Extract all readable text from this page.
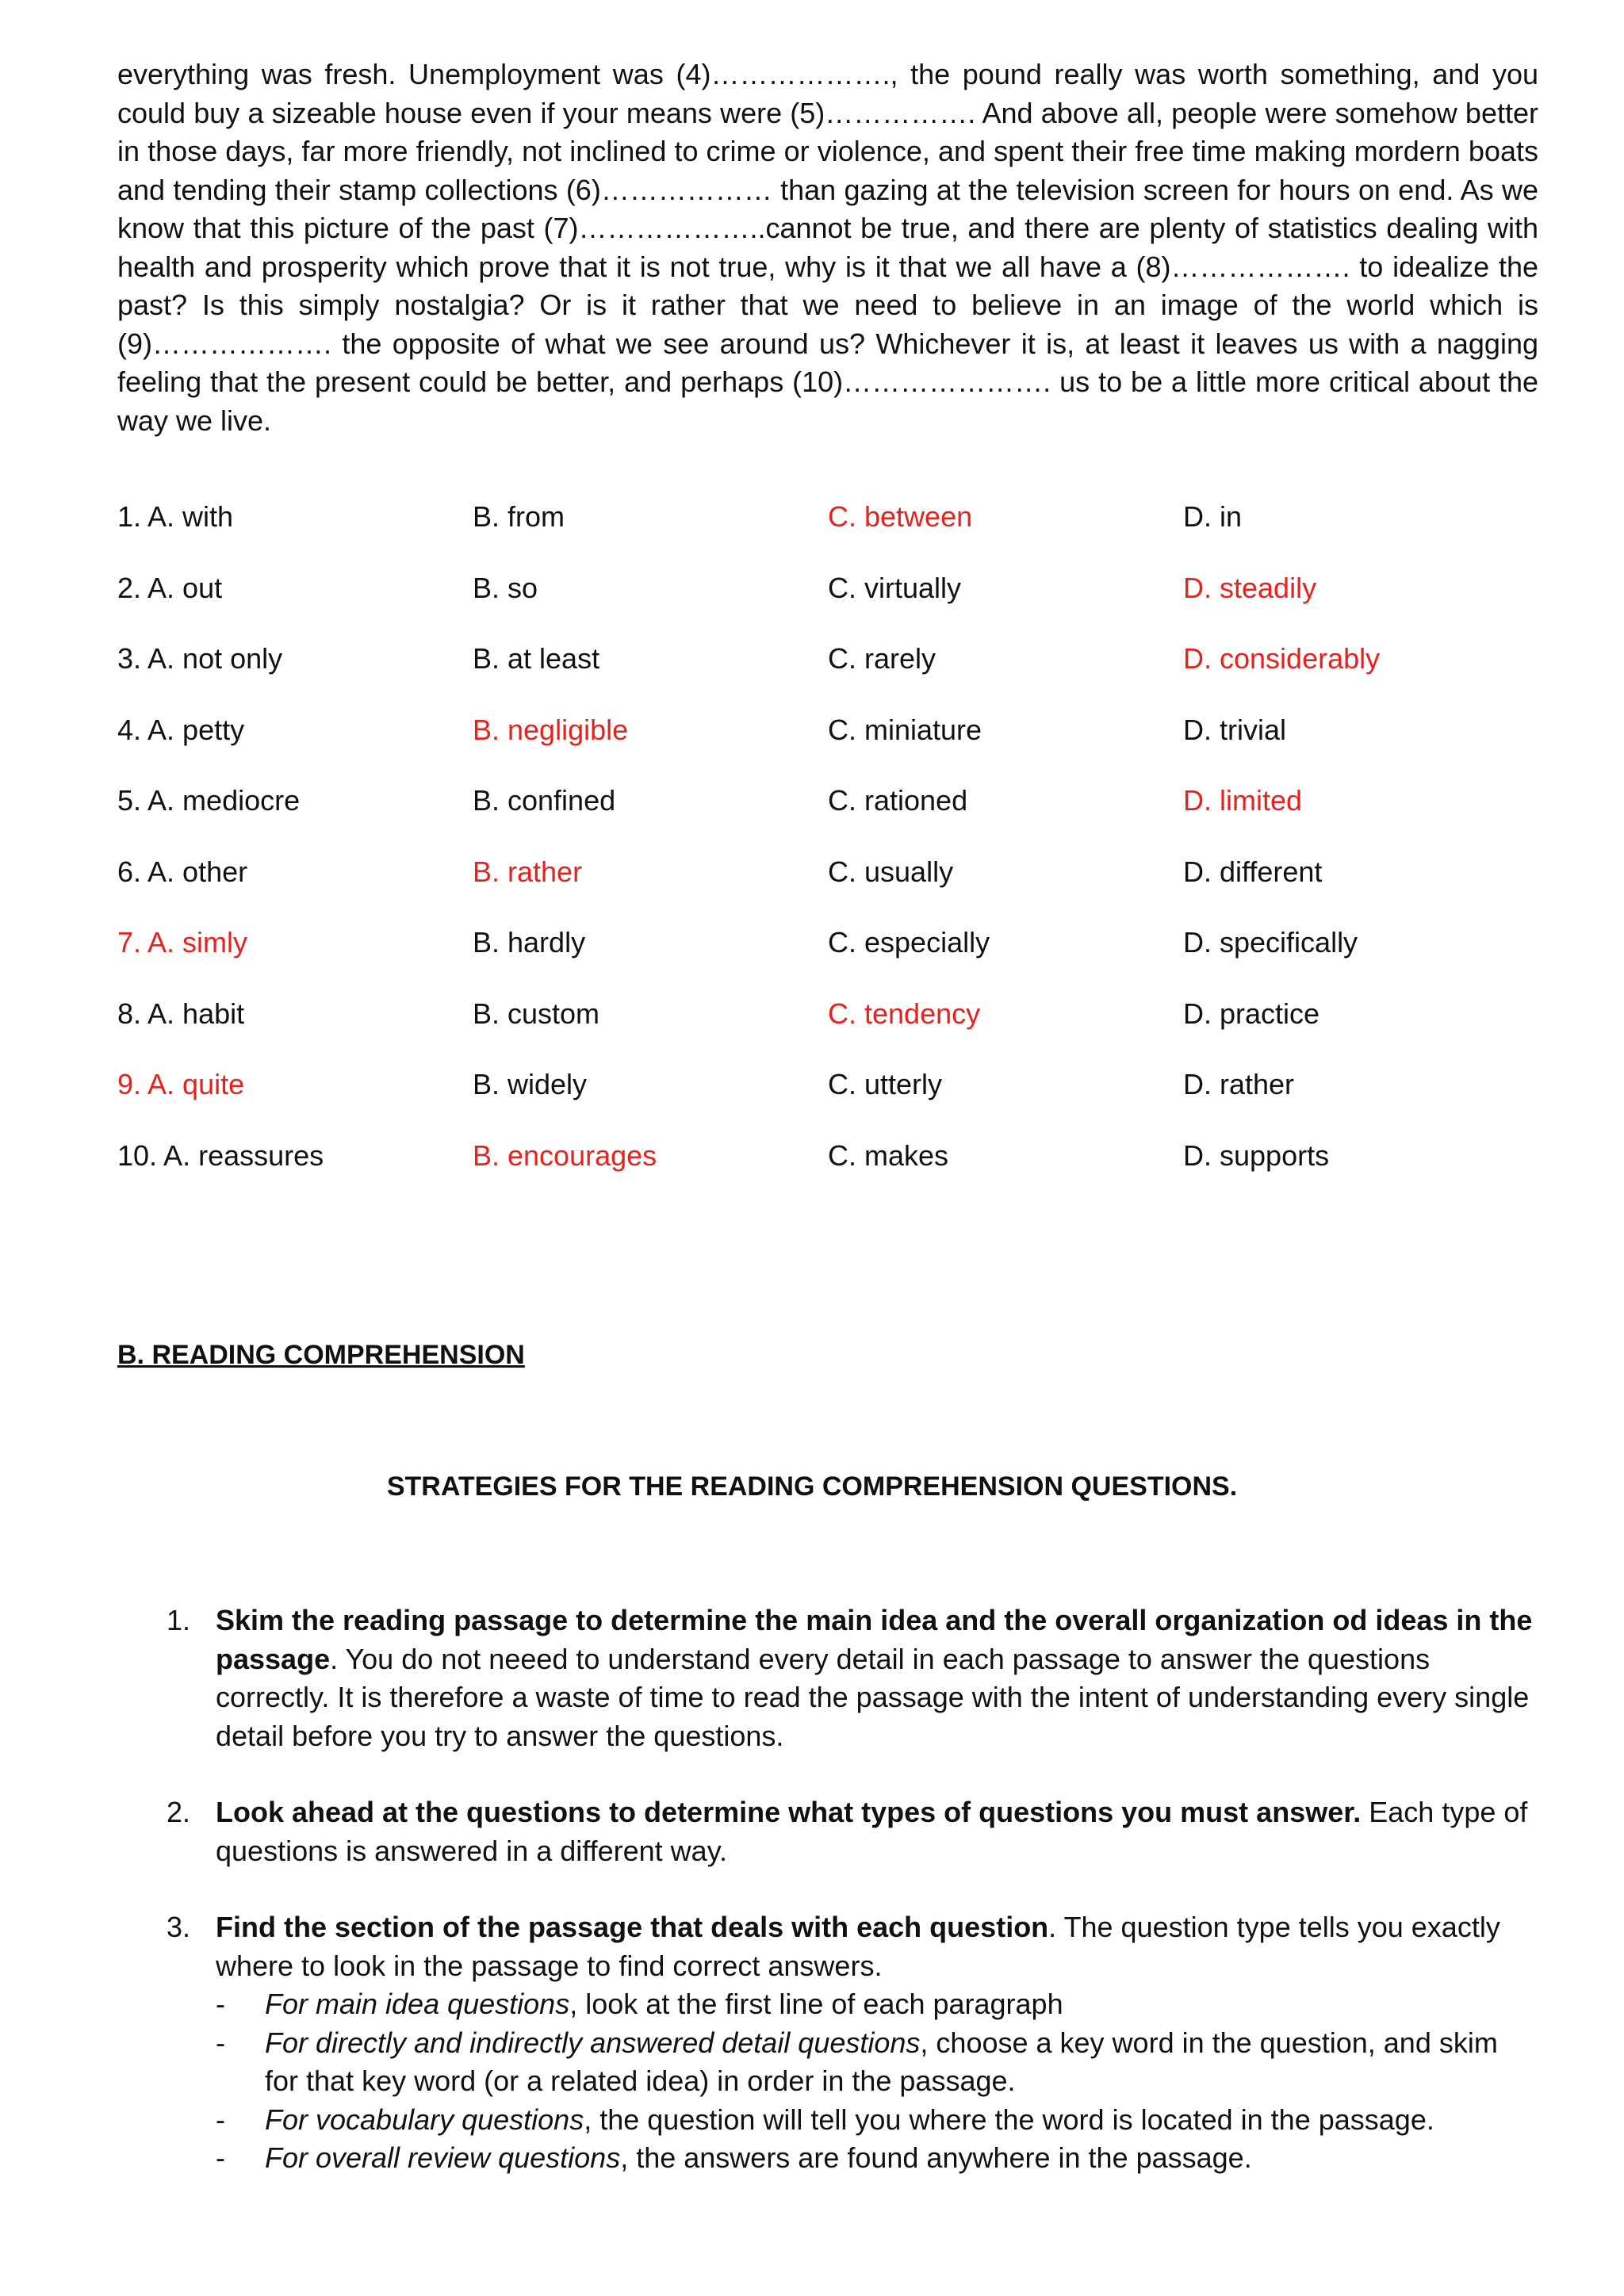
everything was fresh. Unemployment was (4)………………., the pound really was worth something, and you could buy a sizeable house even if your means were (5)……………. And above all, people were somehow better in those days, far more friendly, not inclined to crime or violence, and spent their free time making mordern boats and tending their stamp collections (6)……………… than gazing at the television screen for hours on end. As we know that this picture of the past (7)………………..cannot be true, and there are plenty of statistics dealing with health and prosperity which prove that it is not true, why is it that we all have a (8)………………. to idealize the past? Is this simply nostalgia? Or is it rather that we need to believe in an image of the world which is (9)………………. the opposite of what we see around us? Whichever it is, at least it leaves us with a nagging feeling that the present could be better, and perhaps (10)…………………. us to be a little more critical about the way we live.

1. A. with	B. from	C. between	D. in
2. A. out	B. so	C. virtually	D. steadily
3. A. not only	B. at least	C. rarely	D. considerably
4. A. petty	B. negligible	C. miniature	D. trivial
5. A. mediocre	B. confined	C. rationed	D. limited
6. A. other	B. rather	C. usually	D. different
7. A. simly	B. hardly	C. especially	D. specifically
8. A. habit	B. custom	C. tendency	D. practice
9. A. quite	B. widely	C. utterly	D. rather
10. A. reassures	B. encourages	C. makes	D. supports
B. READING COMPREHENSION
STRATEGIES FOR THE READING COMPREHENSION QUESTIONS.
1. Skim the reading passage to determine the main idea and the overall organization od ideas in the passage. You do not neeed to understand every detail in each passage to answer the questions correctly. It is therefore a waste of time to read the passage with the intent of understanding every single detail before you try to answer the questions.
2. Look ahead at the questions to determine what types of questions you must answer. Each type of questions is answered in a different way.
3. Find the section of the passage that deals with each question. The question type tells you exactly where to look in the passage to find correct answers.
- For main idea questions, look at the first line of each paragraph
- For directly and indirectly answered detail questions, choose a key word in the question, and skim for that key word (or a related idea) in order in the passage.
- For vocabulary questions, the question will tell you where the word is located in the passage.
- For overall review questions, the answers are found anywhere in the passage.
